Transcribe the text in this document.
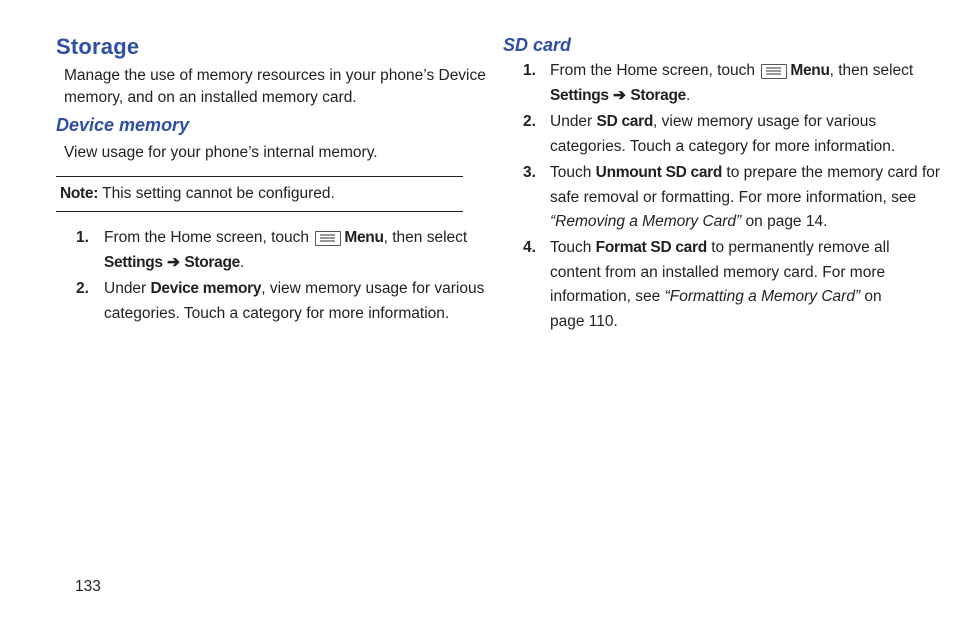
Storage

Manage the use of memory resources in your phone’s Device
memory, and on an installed memory card.

Device memory

View usage for your phone’s internal memory.

Note: This setting cannot be configured.
1. From the Home screen, touch Menu, then select
Settings ➔ Storage.
2. Under Device memory, view memory usage for various
categories. Touch a category for more information.
SD card
1. From the Home screen, touch Menu, then select
Settings ➔ Storage.
2. Under SD card, view memory usage for various
categories. Touch a category for more information.
3. Touch Unmount SD card to prepare the memory card for
safe removal or formatting. For more information, see
“Removing a Memory Card” on page 14.
4. Touch Format SD card to permanently remove all
content from an installed memory card. For more
information, see “Formatting a Memory Card” on
page 110.
133
